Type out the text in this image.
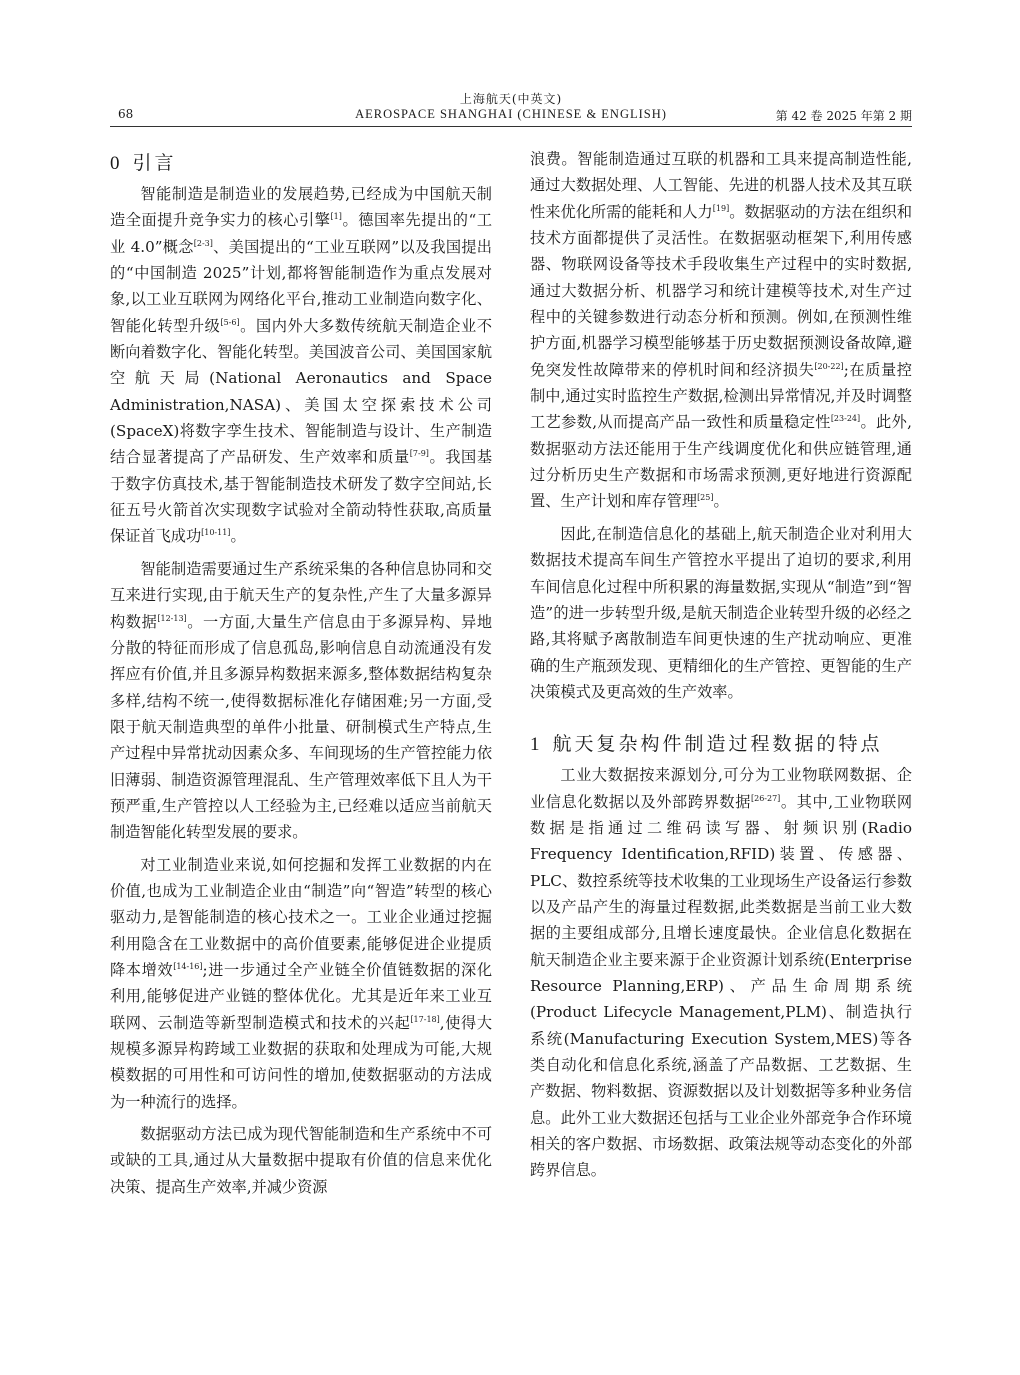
上海航天(中英文)
68	AEROSPACE SHANGHAI (CHINESE & ENGLISH)	第 42 卷 2025 年第 2 期
0 引言

智能制造是制造业的发展趋势,已经成为中国航天制造全面提升竞争实力的核心引擎[1]。德国率先提出的“工业 4.0”概念[2-3]、美国提出的“工业互联网”以及我国提出的“中国制造 2025”计划,都将智能制造作为重点发展对象,以工业互联网为网络化平台,推动工业制造向数字化、智能化转型升级[5-6]。国内外大多数传统航天制造企业不断向着数字化、智能化转型。美国波音公司、美国国家航空航天局(National Aeronautics and Space Administration,NASA)、美国太空探索技术公司(SpaceX)将数字孪生技术、智能制造与设计、生产制造结合显著提高了产品研发、生产效率和质量[7-9]。我国基于数字仿真技术,基于智能制造技术研发了数字空间站,长征五号火箭首次实现数字试验对全箭动特性获取,高质量保证首飞成功[10-11]。

智能制造需要通过生产系统采集的各种信息协同和交互来进行实现,由于航天生产的复杂性,产生了大量多源异构数据[12-13]。一方面,大量生产信息由于多源异构、异地分散的特征而形成了信息孤岛,影响信息自动流通没有发挥应有价值,并且多源异构数据来源多,整体数据结构复杂多样,结构不统一,使得数据标准化存储困难;另一方面,受限于航天制造典型的单件小批量、研制模式生产特点,生产过程中异常扰动因素众多、车间现场的生产管控能力依旧薄弱、制造资源管理混乱、生产管理效率低下且人为干预严重,生产管控以人工经验为主,已经难以适应当前航天制造智能化转型发展的要求。

对工业制造业来说,如何挖掘和发挥工业数据的内在价值,也成为工业制造企业由“制造”向“智造”转型的核心驱动力,是智能制造的核心技术之一。工业企业通过挖掘利用隐含在工业数据中的高价值要素,能够促进企业提质降本增效[14-16];进一步通过全产业链全价值链数据的深化利用,能够促进产业链的整体优化。尤其是近年来工业互联网、云制造等新型制造模式和技术的兴起[17-18],使得大规模多源异构跨域工业数据的获取和处理成为可能,大规模数据的可用性和可访问性的增加,使数据驱动的方法成为一种流行的选择。

数据驱动方法已成为现代智能制造和生产系统中不可或缺的工具,通过从大量数据中提取有价值的信息来优化决策、提高生产效率,并减少资源

浪费。智能制造通过互联的机器和工具来提高制造性能,通过大数据处理、人工智能、先进的机器人技术及其互联性来优化所需的能耗和人力[19]。数据驱动的方法在组织和技术方面都提供了灵活性。在数据驱动框架下,利用传感器、物联网设备等技术手段收集生产过程中的实时数据,通过大数据分析、机器学习和统计建模等技术,对生产过程中的关键参数进行动态分析和预测。例如,在预测性维护方面,机器学习模型能够基于历史数据预测设备故障,避免突发性故障带来的停机时间和经济损失[20-22];在质量控制中,通过实时监控生产数据,检测出异常情况,并及时调整工艺参数,从而提高产品一致性和质量稳定性[23-24]。此外,数据驱动方法还能用于生产线调度优化和供应链管理,通过分析历史生产数据和市场需求预测,更好地进行资源配置、生产计划和库存管理[25]。

因此,在制造信息化的基础上,航天制造企业对利用大数据技术提高车间生产管控水平提出了迫切的要求,利用车间信息化过程中所积累的海量数据,实现从“制造”到“智造”的进一步转型升级,是航天制造企业转型升级的必经之路,其将赋予离散制造车间更快速的生产扰动响应、更准确的生产瓶颈发现、更精细化的生产管控、更智能的生产决策模式及更高效的生产效率。

1 航天复杂构件制造过程数据的特点

工业大数据按来源划分,可分为工业物联网数据、企业信息化数据以及外部跨界数据[26-27]。其中,工业物联网数据是指通过二维码读写器、射频识别(Radio Frequency Identification,RFID)装置、传感器、PLC、数控系统等技术收集的工业现场生产设备运行参数以及产品产生的海量过程数据,此类数据是当前工业大数据的主要组成部分,且增长速度最快。企业信息化数据在航天制造企业主要来源于企业资源计划系统(Enterprise Resource Planning,ERP)、产品生命周期系统(Product Lifecycle Management,PLM)、制造执行系统(Manufacturing Execution System,MES)等各类自动化和信息化系统,涵盖了产品数据、工艺数据、生产数据、物料数据、资源数据以及计划数据等多种业务信息。此外工业大数据还包括与工业企业外部竞争合作环境相关的客户数据、市场数据、政策法规等动态变化的外部跨界信息。
